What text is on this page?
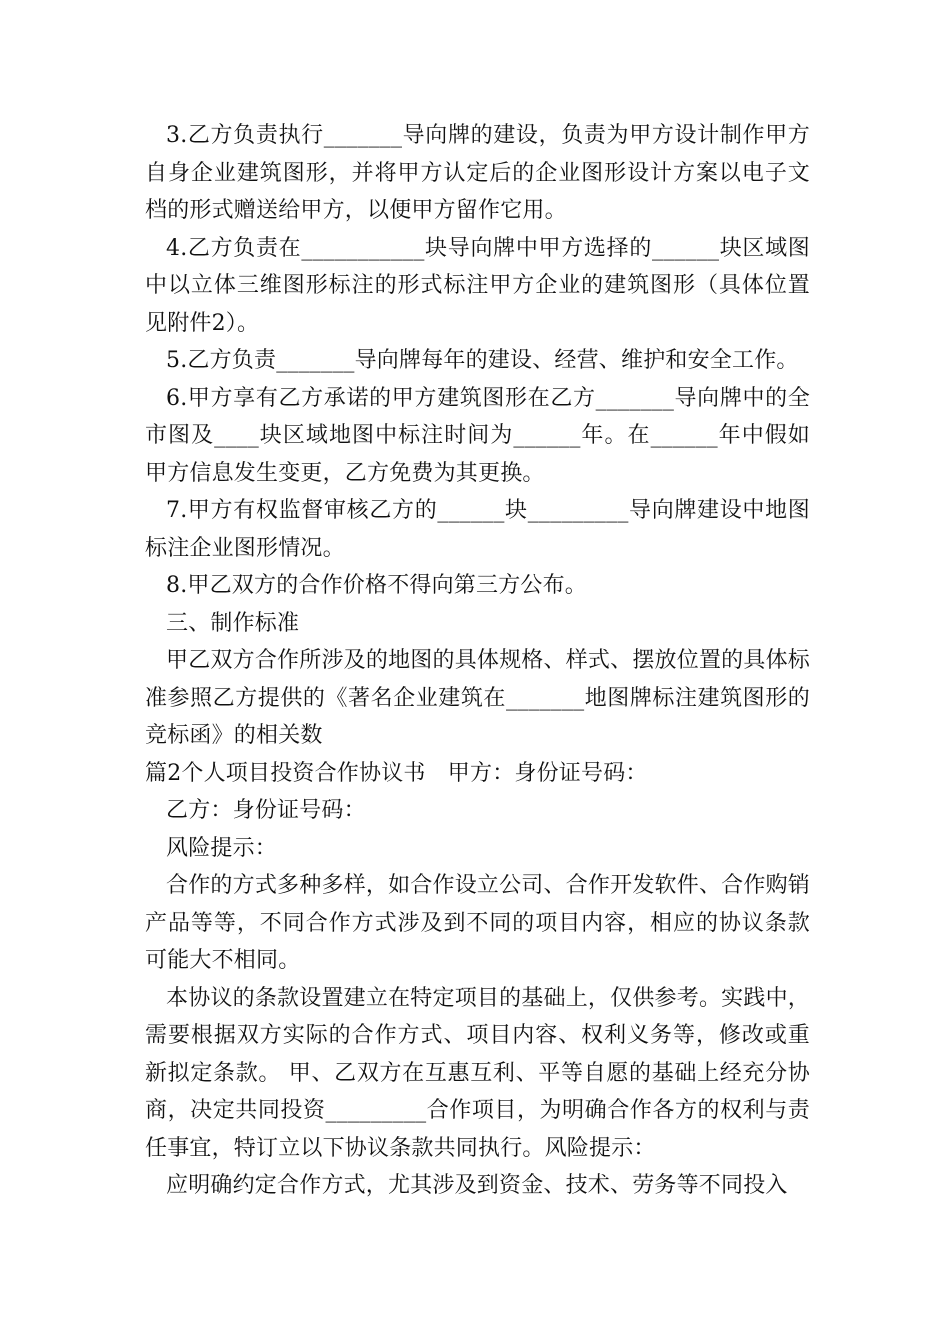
3.乙方负责执行_______导向牌的建设，负责为甲方设计制作甲方自身企业建筑图形，并将甲方认定后的企业图形设计方案以电子文档的形式赠送给甲方，以便甲方留作它用。

4.乙方负责在___________块导向牌中甲方选择的______块区域图中以立体三维图形标注的形式标注甲方企业的建筑图形（具体位置见附件2）。

5.乙方负责_______导向牌每年的建设、经营、维护和安全工作。

6.甲方享有乙方承诺的甲方建筑图形在乙方_______导向牌中的全市图及____块区域地图中标注时间为______年。在______年中假如甲方信息发生变更，乙方免费为其更换。

7.甲方有权监督审核乙方的______块_________导向牌建设中地图标注企业图形情况。

8.甲乙双方的合作价格不得向第三方公布。

三、制作标准

甲乙双方合作所涉及的地图的具体规格、样式、摆放位置的具体标准参照乙方提供的《著名企业建筑在_______地图牌标注建筑图形的竞标函》的相关数

篇2个人项目投资合作协议书　甲方：身份证号码：

乙方：身份证号码：

风险提示：

合作的方式多种多样，如合作设立公司、合作开发软件、合作购销产品等等，不同合作方式涉及到不同的项目内容，相应的协议条款可能大不相同。

本协议的条款设置建立在特定项目的基础上，仅供参考。实践中，需要根据双方实际的合作方式、项目内容、权利义务等，修改或重新拟定条款。 甲、乙双方在互惠互利、平等自愿的基础上经充分协商，决定共同投资_________合作项目，为明确合作各方的权利与责任事宜，特订立以下协议条款共同执行。风险提示：

应明确约定合作方式，尤其涉及到资金、技术、劳务等不同投入
